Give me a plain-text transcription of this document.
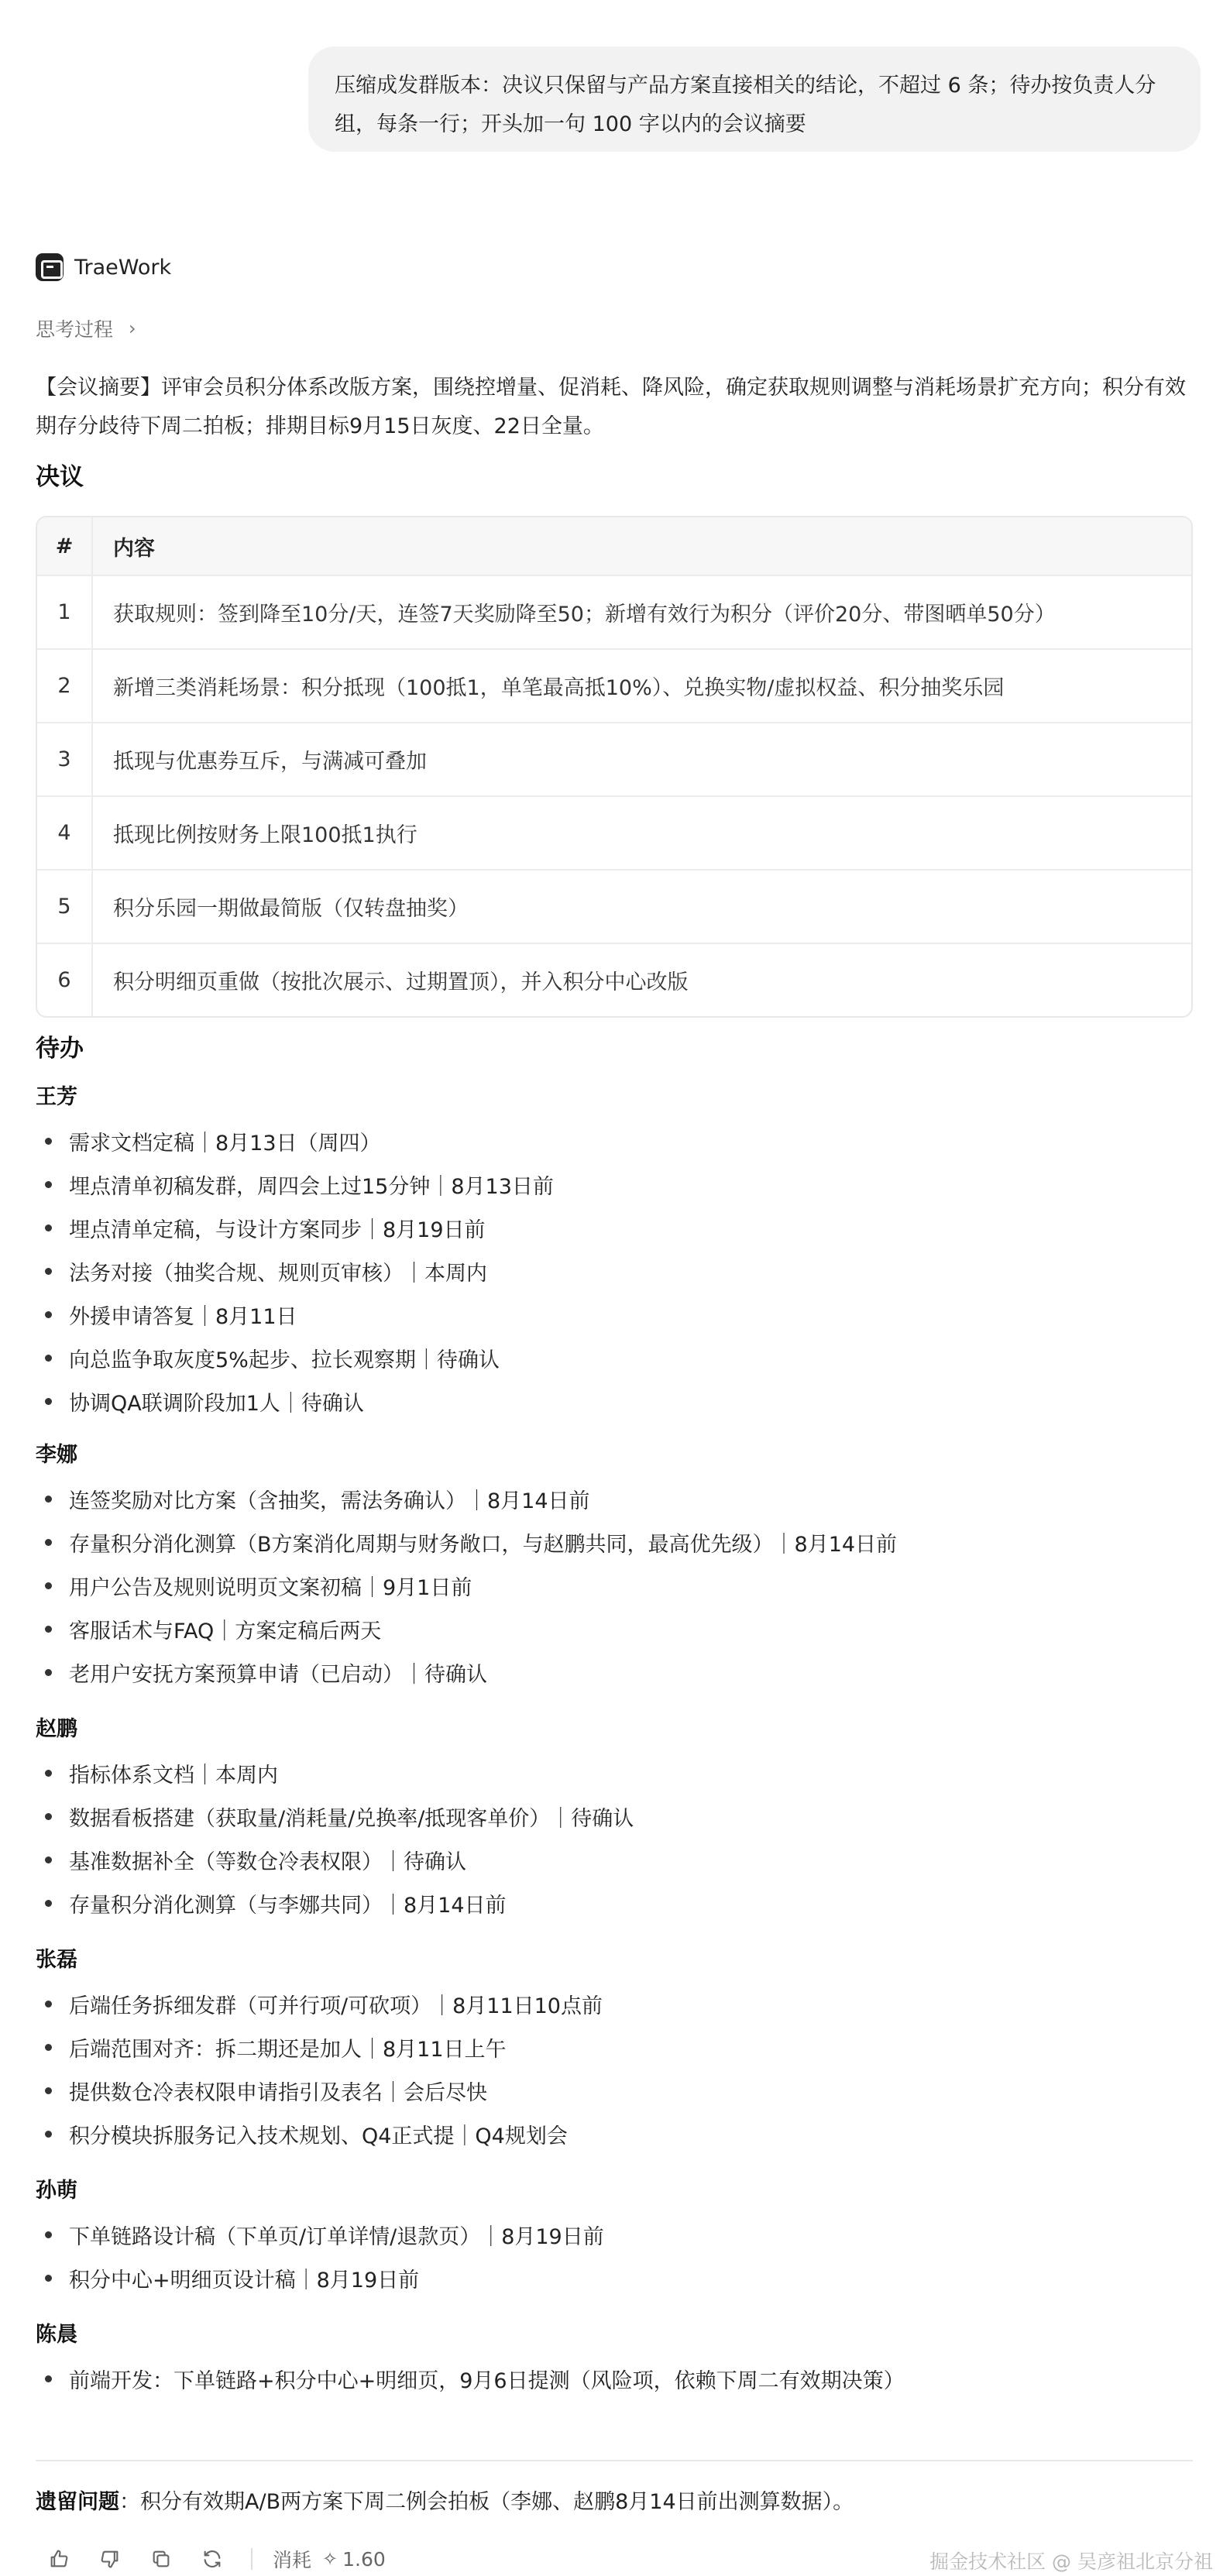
压缩成发群版本：决议只保留与产品方案直接相关的结论，不超过 6 条；待办按负责人分组，每条一行；开头加一句 100 字以内的会议摘要
TraeWork
思考过程 ›
【会议摘要】评审会员积分体系改版方案，围绕控增量、促消耗、降风险，确定获取规则调整与消耗场景扩充方向；积分有效期存分歧待下周二拍板；排期目标9月15日灰度、22日全量。
决议
#	内容
1	获取规则：签到降至10分/天，连签7天奖励降至50；新增有效行为积分（评价20分、带图晒单50分）
2	新增三类消耗场景：积分抵现（100抵1，单笔最高抵10%）、兑换实物/虚拟权益、积分抽奖乐园
3	抵现与优惠券互斥，与满减可叠加
4	抵现比例按财务上限100抵1执行
5	积分乐园一期做最简版（仅转盘抽奖）
6	积分明细页重做（按批次展示、过期置顶），并入积分中心改版
待办
王芳
需求文档定稿｜8月13日（周四）
埋点清单初稿发群，周四会上过15分钟｜8月13日前
埋点清单定稿，与设计方案同步｜8月19日前
法务对接（抽奖合规、规则页审核）｜本周内
外援申请答复｜8月11日
向总监争取灰度5%起步、拉长观察期｜待确认
协调QA联调阶段加1人｜待确认
李娜
连签奖励对比方案（含抽奖，需法务确认）｜8月14日前
存量积分消化测算（B方案消化周期与财务敞口，与赵鹏共同，最高优先级）｜8月14日前
用户公告及规则说明页文案初稿｜9月1日前
客服话术与FAQ｜方案定稿后两天
老用户安抚方案预算申请（已启动）｜待确认
赵鹏
指标体系文档｜本周内
数据看板搭建（获取量/消耗量/兑换率/抵现客单价）｜待确认
基准数据补全（等数仓冷表权限）｜待确认
存量积分消化测算（与李娜共同）｜8月14日前
张磊
后端任务拆细发群（可并行项/可砍项）｜8月11日10点前
后端范围对齐：拆二期还是加人｜8月11日上午
提供数仓冷表权限申请指引及表名｜会后尽快
积分模块拆服务记入技术规划、Q4正式提｜Q4规划会
孙萌
下单链路设计稿（下单页/订单详情/退款页）｜8月19日前
积分中心+明细页设计稿｜8月19日前
陈晨
前端开发：下单链路+积分中心+明细页，9月6日提测（风险项，依赖下周二有效期决策）
遗留问题：积分有效期A/B两方案下周二例会拍板（李娜、赵鹏8月14日前出测算数据）。
消耗 ✧ 1.60	掘金技术社区 @ 吴彦祖北京分祖
